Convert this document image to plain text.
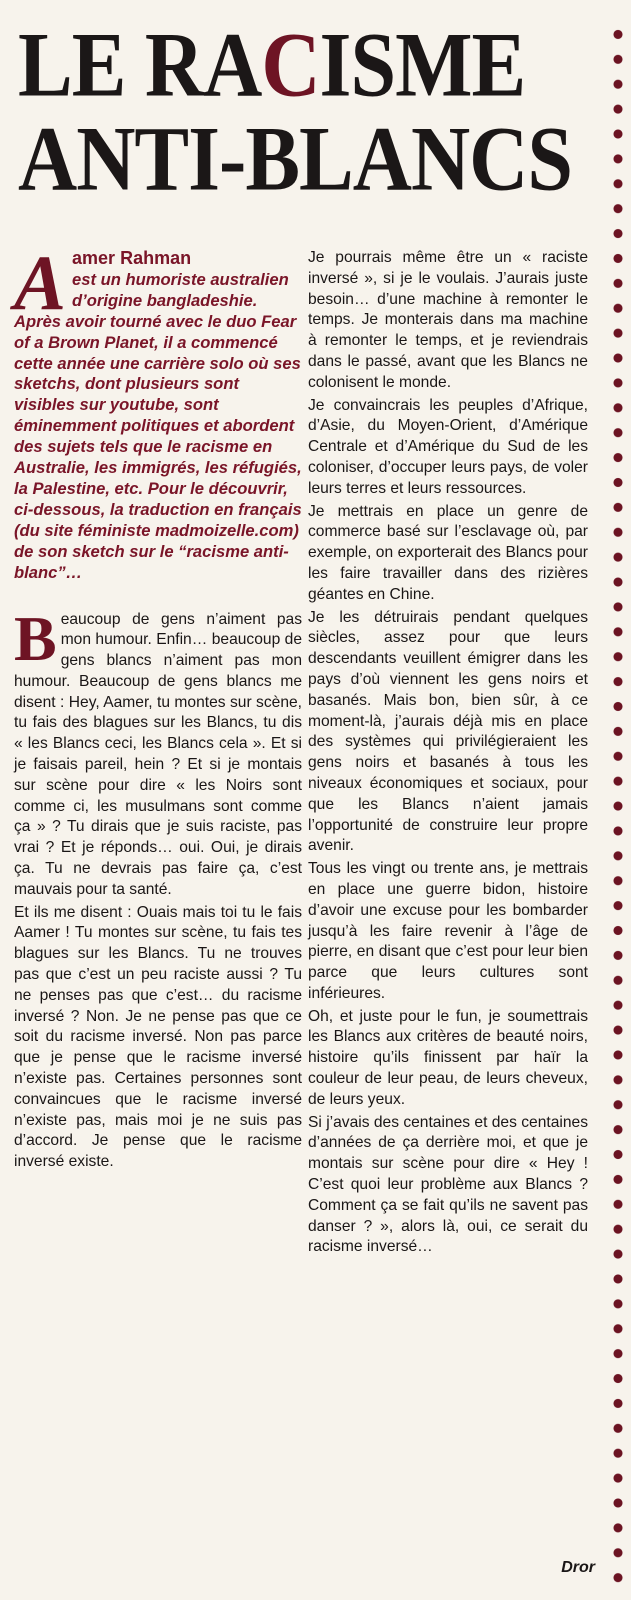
LE RACISME
ANTI-BLANCS

A amer Rahman
est un humoriste australien d’origine bangladeshie. Après avoir tourné avec le duo Fear of a Brown Planet, il a commencé cette année une carrière solo où ses sketchs, dont plusieurs sont visibles sur youtube, sont éminemment politiques et abordent des sujets tels que le racisme en Australie, les immigrés, les réfugiés, la Palestine, etc. Pour le découvrir, ci-dessous, la traduction en français (du site féministe madmoizelle.com) de son sketch sur le “racisme anti-blanc”…

Beaucoup de gens n’aiment pas mon humour. Enfin… beaucoup de gens blancs n’aiment pas mon humour. Beaucoup de gens blancs me disent : Hey, Aamer, tu montes sur scène, tu fais des blagues sur les Blancs, tu dis « les Blancs ceci, les Blancs cela ». Et si je faisais pareil, hein ? Et si je montais sur scène pour dire « les Noirs sont comme ci, les musulmans sont comme ça » ? Tu dirais que je suis raciste, pas vrai ? Et je réponds… oui. Oui, je dirais ça. Tu ne devrais pas faire ça, c’est mauvais pour ta santé.

Et ils me disent : Ouais mais toi tu le fais Aamer ! Tu montes sur scène, tu fais tes blagues sur les Blancs. Tu ne trouves pas que c’est un peu raciste aussi ? Tu ne penses pas que c’est… du racisme inversé ? Non. Je ne pense pas que ce soit du racisme inversé. Non pas parce que je pense que le racisme inversé n’existe pas. Certaines personnes sont convaincues que le racisme inversé n’existe pas, mais moi je ne suis pas d’accord. Je pense que le racisme inversé existe.

Je pourrais même être un « raciste inversé », si je le voulais. J’aurais juste besoin… d’une machine à remonter le temps. Je monterais dans ma machine à remonter le temps, et je reviendrais dans le passé, avant que les Blancs ne colonisent le monde.

Je convaincrais les peuples d’Afrique, d’Asie, du Moyen-Orient, d’Amérique Centrale et d’Amérique du Sud de les coloniser, d’occuper leurs pays, de voler leurs terres et leurs ressources.

Je mettrais en place un genre de commerce basé sur l’esclavage où, par exemple, on exporterait des Blancs pour les faire travailler dans des rizières géantes en Chine.

Je les détruirais pendant quelques siècles, assez pour que leurs descendants veuillent émigrer dans les pays d’où viennent les gens noirs et basanés. Mais bon, bien sûr, à ce moment-là, j’aurais déjà mis en place des systèmes qui privilégieraient les gens noirs et basanés à tous les niveaux économiques et sociaux, pour que les Blancs n’aient jamais l’opportunité de construire leur propre avenir.

Tous les vingt ou trente ans, je mettrais en place une guerre bidon, histoire d’avoir une excuse pour les bombarder jusqu’à les faire revenir à l’âge de pierre, en disant que c’est pour leur bien parce que leurs cultures sont inférieures.

Oh, et juste pour le fun, je soumettrais les Blancs aux critères de beauté noirs, histoire qu’ils finissent par haïr la couleur de leur peau, de leurs cheveux, de leurs yeux.

Si j’avais des centaines et des centaines d’années de ça derrière moi, et que je montais sur scène pour dire « Hey ! C’est quoi leur problème aux Blancs ? Comment ça se fait qu’ils ne savent pas danser ? », alors là, oui, ce serait du racisme inversé…

Dror
